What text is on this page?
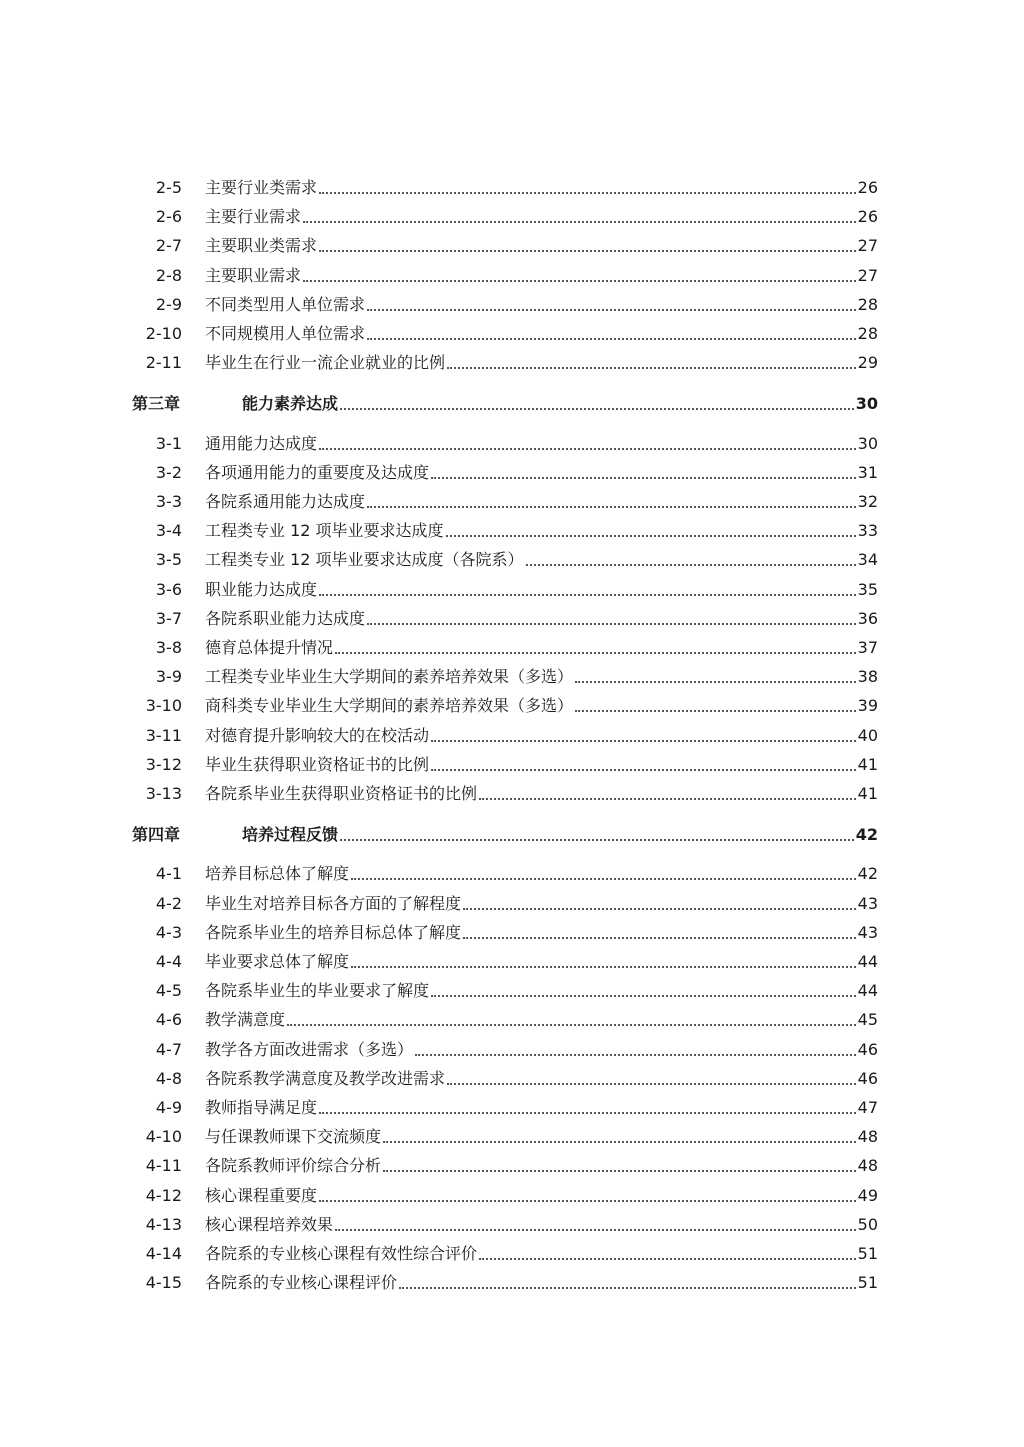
2-5 主要行业类需求	26
2-6 主要行业需求	26
2-7 主要职业类需求	27
2-8 主要职业需求	27
2-9 不同类型用人单位需求	28
2-10 不同规模用人单位需求	28
2-11 毕业生在行业一流企业就业的比例	29
第三章	能力素养达成	30
3-1 通用能力达成度	30
3-2 各项通用能力的重要度及达成度	31
3-3 各院系通用能力达成度	32
3-4 工程类专业 12 项毕业要求达成度	33
3-5 工程类专业 12 项毕业要求达成度（各院系）	34
3-6 职业能力达成度	35
3-7 各院系职业能力达成度	36
3-8 德育总体提升情况	37
3-9 工程类专业毕业生大学期间的素养培养效果（多选）	38
3-10 商科类专业毕业生大学期间的素养培养效果（多选）	39
3-11 对德育提升影响较大的在校活动	40
3-12 毕业生获得职业资格证书的比例	41
3-13 各院系毕业生获得职业资格证书的比例	41
第四章	培养过程反馈	42
4-1 培养目标总体了解度	42
4-2 毕业生对培养目标各方面的了解程度	43
4-3 各院系毕业生的培养目标总体了解度	43
4-4 毕业要求总体了解度	44
4-5 各院系毕业生的毕业要求了解度	44
4-6 教学满意度	45
4-7 教学各方面改进需求（多选）	46
4-8 各院系教学满意度及教学改进需求	46
4-9 教师指导满足度	47
4-10 与任课教师课下交流频度	48
4-11 各院系教师评价综合分析	48
4-12 核心课程重要度	49
4-13 核心课程培养效果	50
4-14 各院系的专业核心课程有效性综合评价	51
4-15 各院系的专业核心课程评价	51
